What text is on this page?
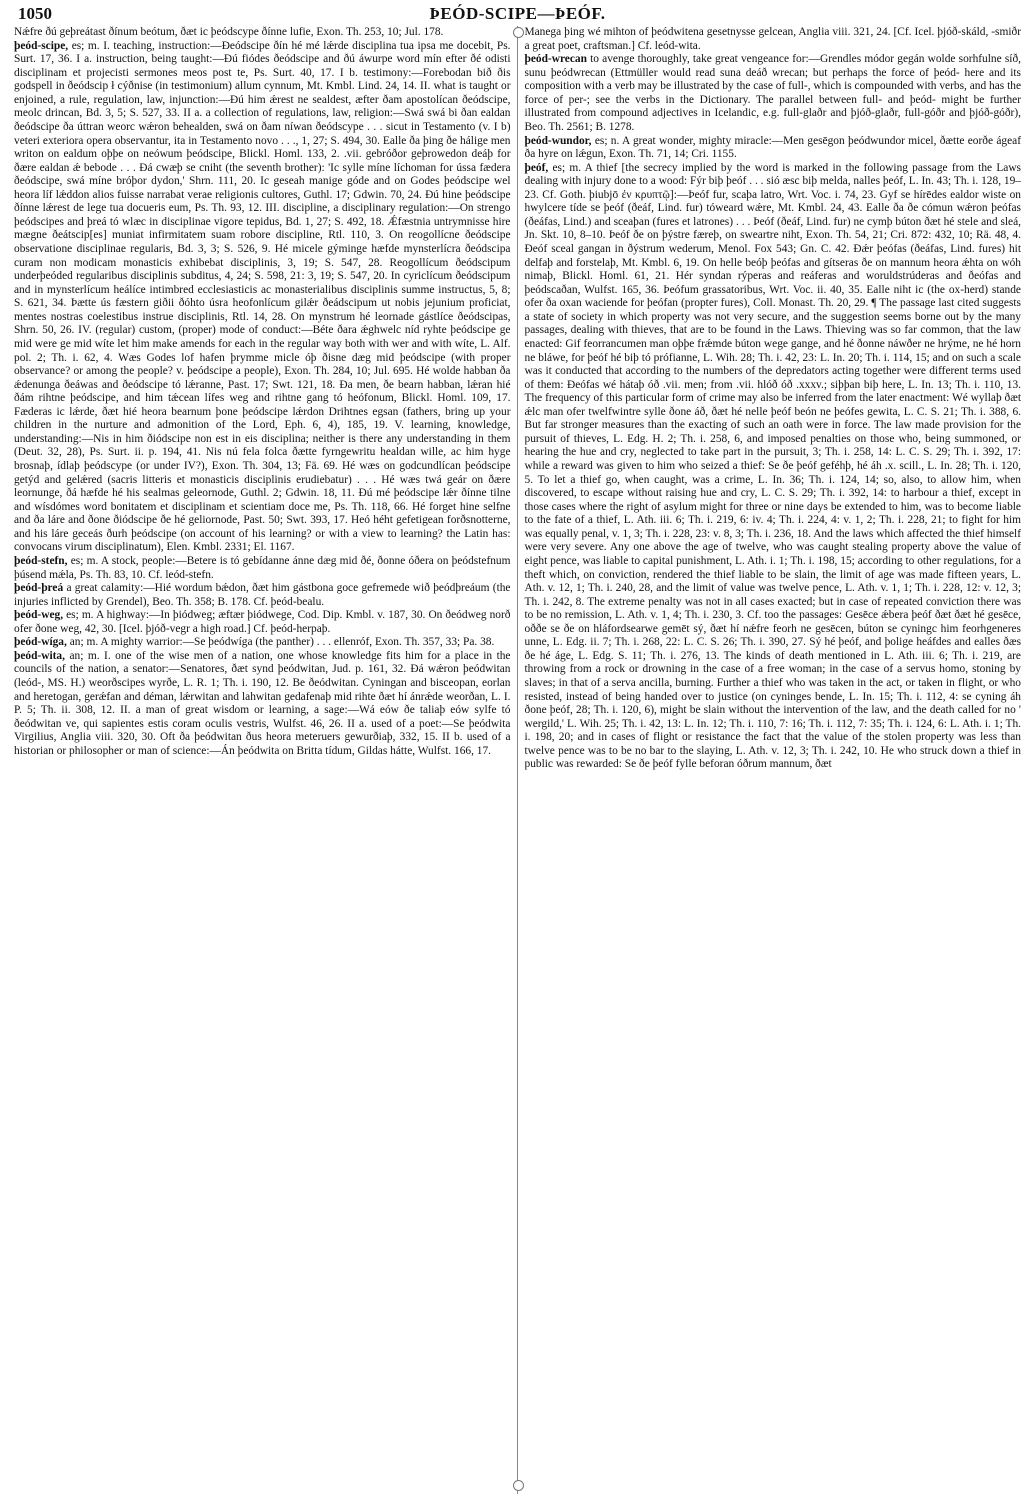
1050	ÞEÓD-SCIPE—ÞEÓF.

Nǽfre ðú geþreátast ðínum beótum, ðæt ic þeódscype ðínne lufie, Exon. Th. 253, 10; Jul. 178.

þeód-scipe, es; m. I. teaching, instruction:—Ðeódscipe ðín hé mé lǽrde disciplina tua ipsa me docebit, Ps. Surt. 17, 36. I a. instruction, being taught:—Ðú fiódes ðeódscipe and ðú áwurpe word mín efter ðé odisti disciplinam et projecisti sermones meos post te, Ps. Surt. 40, 17. I b. testimony:—Forebodan bið ðis godspell in ðeódscip ł cýðnise (in testimonium) allum cynnum, Mt. Kmbl. Lind. 24, 14. II. what is taught or enjoined, a rule, regulation, law, injunction:—Ðú him ǽrest ne sealdest, æfter ðam apostolícan ðeódscipe, meolc drincan, Bd. 3, 5; S. 527, 33. II a. a collection of regulations, law, religion:—Swá swá bi ðan ealdan ðeódscipe ða úttran weorc wǽron behealden, swá on ðam níwan ðeódscype . . . sicut in Testamento (v. I b) veteri exteriora opera observantur, ita in Testamento novo . . ., 1, 27; S. 494, 30. Ealle ða þing ðe hálige men writon on ealdum oþþe on neówum þeódscipe, Blickl. Homl. 133, 2. .vii. gebróðor geþrowedon deáþ for ðære ealdan ǽ bebode . . . Ðá cwæþ se cniht (the seventh brother): 'Ic sylle míne líchoman for ússa fædera ðeódscipe, swá míne bróþor dydon,' Shrn. 111, 20. Ic geseah manige góde and on Godes þeódscipe wel heora líf lǽddon alios fuisse narrabat verae religionis cultores, Guthl. 17; Gdwin. 70, 24. Ðú hine þeódscipe ðínne lǽrest de lege tua docueris eum, Ps. Th. 93, 12. III. discipline, a disciplinary regulation:—On strengo þeódscipes and þreá tó wlæc in disciplinae vigore tepidus, Bd. 1, 27; S. 492, 18. Ǽfæstnia untrymnisse hire mægne ðeátscip[es] muniat infirmitatem suam robore discipline, Rtl. 110, 3. On reogollícne ðeódscipe observatione disciplinae regularis, Bd. 3, 3; S. 526, 9. Hé micele gýminge hæfde mynsterlícra ðeódscipa curam non modicam monasticis exhibebat disciplinis, 3, 19; S. 547, 28. Reogollícum ðeódscipum underþeóded regularibus disciplinis subditus, 4, 24; S. 598, 21: 3, 19; S. 547, 20. In cyriclícum ðeódscipum and in mynsterlícum heálíce intimbred ecclesiasticis ac monasterialibus disciplinis summe instructus, 5, 8; S. 621, 34. Þætte ús fæstern giðii ðóhto úsra heofonlícum gilǽr ðeádscipum ut nobis jejunium proficiat, mentes nostras coelestibus instrue disciplinis, Rtl. 14, 28. On mynstrum hé leornade gástlíce ðeódscipas, Shrn. 50, 26. IV. (regular) custom, (proper) mode of conduct:—Béte ðara ǽghwelc níd ryhte þeódscipe ge mid were ge mid wíte let him make amends for each in the regular way both with wer and with wíte, L. Alf. pol. 2; Th. i. 62, 4. Wæs Godes lof hafen þrymme micle óþ ðisne dæg mid þeódscipe (with proper observance? or among the people? v. þeódscipe a people), Exon. Th. 284, 10; Jul. 695. Hé wolde habban ða ǽdenunga ðeáwas and ðeódscipe tó lǽranne, Past. 17; Swt. 121, 18. Ða men, ðe bearn habban, lǽran hié ðám rihtne þeódscipe, and him tǽcean lífes weg and rihtne gang tó heófonum, Blickl. Homl. 109, 17. Fæderas ic lǽrde, ðæt hié heora bearnum þone þeódscipe lǽrdon Drihtnes egsan (fathers, bring up your children in the nurture and admonition of the Lord, Eph. 6, 4), 185, 19. V. learning, knowledge, understanding:—Nis in him ðiódscipe non est in eis disciplina; neither is there any understanding in them (Deut. 32, 28), Ps. Surt. ii. p. 194, 41. Nis nú fela folca ðætte fyrngewritu healdan wille, ac him hyge brosnaþ, ídlaþ þeódscype (or under IV?), Exon. Th. 304, 13; Fä. 69. Hé wæs on godcundlícan þeódscipe getýd and gelǽred (sacris litteris et monasticis disciplinis erudiebatur) . . . Hé wæs twá geár on ðære leornunge, ðá hæfde hé his sealmas geleornode, Guthl. 2; Gdwin. 18, 11. Ðú mé þeódscipe lǽr ðínne tilne and wísdómes word bonitatem et disciplinam et scientiam doce me, Ps. Th. 118, 66. Hé forget hine selfne and ða láre and ðone ðiódscipe ðe hé geliornode, Past. 50; Swt. 393, 17. Heó héht gefetigean forðsnotterne, and his láre geceás ðurh þeódscipe (on account of his learning? or with a view to learning? the Latin has: convocans virum disciplinatum), Elen. Kmbl. 2331; El. 1167.

þeód-stefn, es; m. A stock, people:—Betere is tó gebídanne ánne dæg mid ðé, ðonne óðera on þeódstefnum þúsend mǽla, Ps. Th. 83, 10. Cf. leód-stefn.

þeód-þreá a great calamity:—Hié wordum bǽdon, ðæt him gástbona goce gefremede wið þeódþreáum (the injuries inflicted by Grendel), Beo. Th. 358; B. 178. Cf. þeód-bealu.

þeód-weg, es; m. A highway:—In þiódweg; æftær þiódwege, Cod. Dip. Kmbl. v. 187, 30. On ðeódweg norð ofer ðone weg, 42, 30. [Icel. þjóð-vegr a high road.] Cf. þeód-herpaþ.

þeód-wíga, an; m. A mighty warrior:—Se þeódwíga (the panther) . . . ellenróf, Exon. Th. 357, 33; Pa. 38.

þeód-wita, an; m. I. one of the wise men of a nation, one whose knowledge fits him for a place in the councils of the nation, a senator:—Senatores, ðæt synd þeódwitan, Jud. p. 161, 32. Ðá wǽron þeódwitan (leód-, MS. H.) weorðscipes wyrðe, L. R. 1; Th. i. 190, 12. Be ðeódwitan. Cyningan and bisceopan, eorlan and heretogan, gerǽfan and déman, lǽrwitan and lahwitan gedafenaþ mid rihte ðæt hí ánrǽde weorðan, L. I. P. 5; Th. ii. 308, 12. II. a man of great wisdom or learning, a sage:—Wá eów ðe taliaþ eów sylfe tó ðeódwitan ve, qui sapientes estis coram oculis vestris, Wulfst. 46, 26. II a. used of a poet:—Se þeódwita Virgilius, Anglia viii. 320, 30. Oft ða þeódwitan ðus heora meteruers gewurðiaþ, 332, 15. II b. used of a historian or philosopher or man of science:—Án þeódwita on Britta tídum, Gildas hátte, Wulfst. 166, 17.

Manega þing wé mihton of þeódwitena gesetnysse gelcean, Anglia viii. 321, 24. [Cf. Icel. þjóð-skáld, -smiðr a great poet, craftsman.] Cf. leód-wita.

þeód-wrecan to avenge thoroughly, take great vengeance for:—Grendles módor gegán wolde sorhfulne síð, sunu þeódwrecan (Ettmüller would read suna deáð wrecan; but perhaps the force of þeód- here and its composition with a verb may be illustrated by the case of full-, which is compounded with verbs, and has the force of per-; see the verbs in the Dictionary. The parallel between full- and þeód- might be further illustrated from compound adjectives in Icelandic, e.g. full-glaðr and þjóð-glaðr, full-góðr and þjóð-góðr), Beo. Th. 2561; B. 1278.

þeód-wundor, es; n. A great wonder, mighty miracle:—Men gesēgon þeódwundor micel, ðætte eorðe ágeaf ða hyre on lǽgun, Exon. Th. 71, 14; Cri. 1155.

þeóf, es; m. A thief [the secrecy implied by the word is marked in the following passage from the Laws dealing with injury done to a wood: Fýr biþ þeóf . . . sió æsc biþ melda, nalles þeóf, L. In. 43; Th. i. 128, 19–23. Cf. Goth. þiubjō ἐν κρυπτῷ]:—Þeóf fur, scaþa latro, Wrt. Voc. i. 74, 23. Gyf se hírēdes ealdor wiste on hwylcere tíde se þeóf (ðeáf, Lind. fur) tóweard wǽre, Mt. Kmbl. 24, 43. Ealle ða ðe cómun wǽron þeófas (ðeáfas, Lind.) and sceaþan (fures et latrones) . . . Þeóf (ðeáf, Lind. fur) ne cymþ búton ðæt hé stele and sleá, Jn. Skt. 10, 8–10. Þeóf ðe on þýstre færeþ, on sweartre niht, Exon. Th. 54, 21; Cri. 872: 432, 10; Rä. 48, 4. Ðeóf sceal gangan in ðýstrum wederum, Menol. Fox 543; Gn. C. 42. Ðǽr þeófas (ðeáfas, Lind. fures) hit delfaþ and forstelaþ, Mt. Kmbl. 6, 19. On helle beóþ þeófas and gítseras ðe on mannum heora ǽhta on wóh nimaþ, Blickl. Homl. 61, 21. Hér syndan rýperas and reáferas and woruldstrúderas and ðeófas and þeódscaðan, Wulfst. 165, 36. Þeófum grassatoribus, Wrt. Voc. ii. 40, 35. Ealle niht ic (the ox-herd) stande ofer ða oxan waciende for þeófan (propter fures), Coll. Monast. Th. 20, 29. ¶ The passage last cited suggests a state of society in which property was not very secure, and the suggestion seems borne out by the many passages, dealing with thieves, that are to be found in the Laws. Thieving was so far common, that the law enacted: Gif feorrancumen man oþþe frǽmde búton wege gange, and hé ðonne náwðer ne hrýme, ne hé horn ne bláwe, for þeóf hé biþ tó prófianne, L. Wih. 28; Th. i. 42, 23: L. In. 20; Th. i. 114, 15; and on such a scale was it conducted that according to the numbers of the depredators acting together were different terms used of them: Ðeófas wé hátaþ óð .vii. men; from .vii. hlóð óð .xxxv.; siþþan biþ here, L. In. 13; Th. i. 110, 13. The frequency of this particular form of crime may also be inferred from the later enactment: Wé wyllaþ ðæt ǽlc man ofer twelfwintre sylle ðone áð, ðæt hé nelle þeóf beón ne þeófes gewita, L. C. S. 21; Th. i. 388, 6. But far stronger measures than the exacting of such an oath were in force. The law made provision for the pursuit of thieves, L. Edg. H. 2; Th. i. 258, 6, and imposed penalties on those who, being summoned, or hearing the hue and cry, neglected to take part in the pursuit, 3; Th. i. 258, 14: L. C. S. 29; Th. i. 392, 17: while a reward was given to him who seized a thief: Se ðe þeóf geféhþ, hé áh .x. scill., L. In. 28; Th. i. 120, 5. To let a thief go, when caught, was a crime, L. In. 36; Th. i. 124, 14; so, also, to allow him, when discovered, to escape without raising hue and cry, L. C. S. 29; Th. i. 392, 14: to harbour a thief, except in those cases where the right of asylum might for three or nine days be extended to him, was to become liable to the fate of a thief, L. Ath. iii. 6; Th. i. 219, 6: iv. 4; Th. i. 224, 4: v. 1, 2; Th. i. 228, 21; to fight for him was equally penal, v. 1, 3; Th. i. 228, 23: v. 8, 3; Th. i. 236, 18. And the laws which affected the thief himself were very severe. Any one above the age of twelve, who was caught stealing property above the value of eight pence, was liable to capital punishment, L. Ath. i. 1; Th. i. 198, 15; according to other regulations, for a theft which, on conviction, rendered the thief liable to be slain, the limit of age was made fifteen years, L. Ath. v. 12, 1; Th. i. 240, 28, and the limit of value was twelve pence, L. Ath. v. 1, 1; Th. i. 228, 12: v. 12, 3; Th. i. 242, 8. The extreme penalty was not in all cases exacted; but in case of repeated conviction there was to be no remission, L. Ath. v. 1, 4; Th. i. 230, 3. Cf. too the passages: Gesēce ǽbera þeóf ðæt ðæt hé gesēce, oððe se ðe on hláfordsearwe gemēt sý, ðæt hí nǽfre feorh ne gesēcen, búton se cyningc him feorhgeneres unne, L. Edg. ii. 7; Th. i. 268, 22: L. C. S. 26; Th. i. 390, 27. Sý hé þeóf, and þolige heáfdes and ealles ðæs ðe hé áge, L. Edg. S. 11; Th. i. 276, 13. The kinds of death mentioned in L. Ath. iii. 6; Th. i. 219, are throwing from a rock or drowning in the case of a free woman; in the case of a servus homo, stoning by slaves; in that of a serva ancilla, burning. Further a thief who was taken in the act, or taken in flight, or who resisted, instead of being handed over to justice (on cyninges bende, L. In. 15; Th. i. 112, 4: se cyning áh ðone þeóf, 28; Th. i. 120, 6), might be slain without the intervention of the law, and the death called for no ' wergild,' L. Wih. 25; Th. i. 42, 13: L. In. 12; Th. i. 110, 7: 16; Th. i. 112, 7: 35; Th. i. 124, 6: L. Ath. i. 1; Th. i. 198, 20; and in cases of flight or resistance the fact that the value of the stolen property was less than twelve pence was to be no bar to the slaying, L. Ath. v. 12, 3; Th. i. 242, 10. He who struck down a thief in public was rewarded: Se ðe þeóf fylle beforan óðrum mannum, ðæt
